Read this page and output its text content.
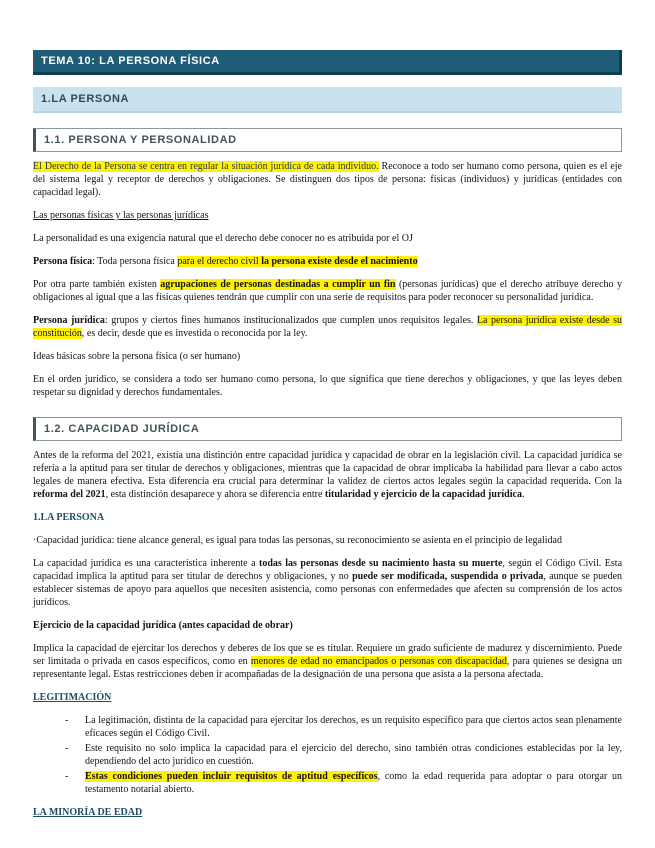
TEMA 10: LA PERSONA FÍSICA
1.LA PERSONA
1.1. PERSONA Y PERSONALIDAD
El Derecho de la Persona se centra en regular la situación jurídica de cada individuo. Reconoce a todo ser humano como persona, quien es el eje del sistema legal y receptor de derechos y obligaciones. Se distinguen dos tipos de persona: físicas (individuos) y jurídicas (entidades con capacidad legal).
Las personas físicas y las personas jurídicas
La personalidad es una exigencia natural que el derecho debe conocer no es atribuida por el OJ
Persona física: Toda persona física para el derecho civil la persona existe desde el nacimiento
Por otra parte también existen agrupaciones de personas destinadas a cumplir un fin (personas jurídicas) que el derecho atribuye derecho y obligaciones al igual que a las físicas quienes tendrán que cumplir con una serie de requisitos para poder reconocer su personalidad jurídica.
Persona jurídica: grupos y ciertos fines humanos institucionalizados que cumplen unos requisitos legales. La persona jurídica existe desde su constitución, es decir, desde que es investida o reconocida por la ley.
Ideas básicas sobre la persona física (o ser humano)
En el orden jurídico, se considera a todo ser humano como persona, lo que significa que tiene derechos y obligaciones, y que las leyes deben respetar su dignidad y derechos fundamentales.
1.2. CAPACIDAD JURÍDICA
Antes de la reforma del 2021, existía una distinción entre capacidad jurídica y capacidad de obrar en la legislación civil. La capacidad jurídica se refería a la aptitud para ser titular de derechos y obligaciones, mientras que la capacidad de obrar implicaba la habilidad para llevar a cabo actos legales de manera efectiva. Esta diferencia era crucial para determinar la validez de ciertos actos legales según la capacidad requerida. Con la reforma del 2021, esta distinción desaparece y ahora se diferencia entre titularidad y ejercicio de la capacidad jurídica.
1.LA PERSONA
·Capacidad jurídica: tiene alcance general, es igual para todas las personas, su reconocimiento se asienta en el principio de legalidad
La capacidad jurídica es una característica inherente a todas las personas desde su nacimiento hasta su muerte, según el Código Civil. Esta capacidad implica la aptitud para ser titular de derechos y obligaciones, y no puede ser modificada, suspendida o privada, aunque se pueden establecer sistemas de apoyo para aquellos que necesiten asistencia, como personas con enfermedades que afecten su comprensión de los actos jurídicos.
Ejercicio de la capacidad jurídica (antes capacidad de obrar)
Implica la capacidad de ejercitar los derechos y deberes de los que se es titular. Requiere un grado suficiente de madurez y discernimiento. Puede ser limitada o privada en casos específicos, como en menores de edad no emancipados o personas con discapacidad, para quienes se designa un representante legal. Estas restricciones deben ir acompañadas de la designación de una persona que asista a la persona afectada.
LEGITIMACIÓN
- La legitimación, distinta de la capacidad para ejercitar los derechos, es un requisito específico para que ciertos actos sean plenamente eficaces según el Código Civil.
- Este requisito no solo implica la capacidad para el ejercicio del derecho, sino también otras condiciones establecidas por la ley, dependiendo del acto jurídico en cuestión.
- Estas condiciones pueden incluir requisitos de aptitud específicos, como la edad requerida para adoptar o para otorgar un testamento notarial abierto.
LA MINORÍA DE EDAD
